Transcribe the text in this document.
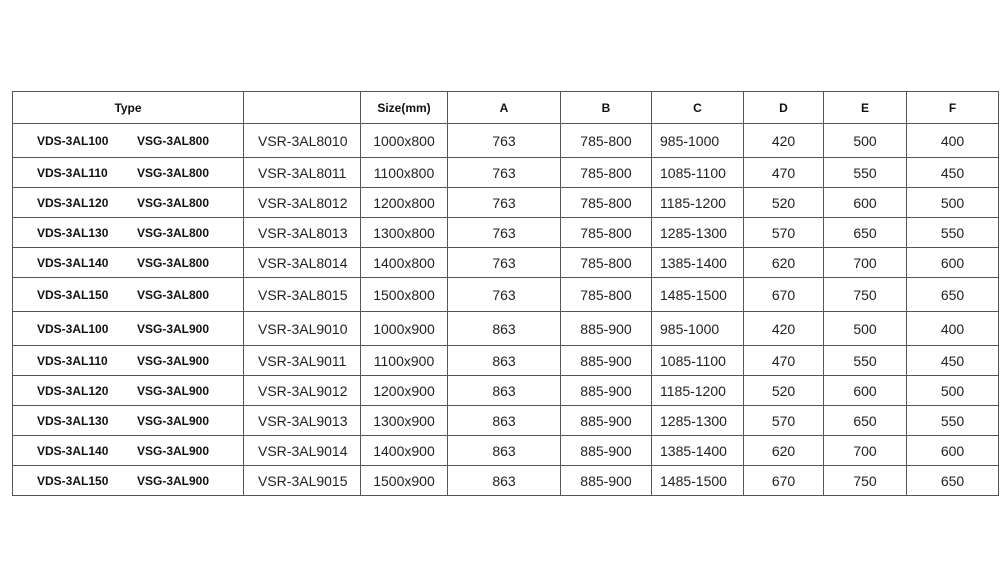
Type		Size(mm)	A	B	C	D	E	F
VDS-3AL100 VSG-3AL800	VSR-3AL8010	1000x800	763	785-800	985-1000	420	500	400
VDS-3AL110 VSG-3AL800	VSR-3AL8011	1100x800	763	785-800	1085-1100	470	550	450
VDS-3AL120 VSG-3AL800	VSR-3AL8012	1200x800	763	785-800	1185-1200	520	600	500
VDS-3AL130 VSG-3AL800	VSR-3AL8013	1300x800	763	785-800	1285-1300	570	650	550
VDS-3AL140 VSG-3AL800	VSR-3AL8014	1400x800	763	785-800	1385-1400	620	700	600
VDS-3AL150 VSG-3AL800	VSR-3AL8015	1500x800	763	785-800	1485-1500	670	750	650
VDS-3AL100 VSG-3AL900	VSR-3AL9010	1000x900	863	885-900	985-1000	420	500	400
VDS-3AL110 VSG-3AL900	VSR-3AL9011	1100x900	863	885-900	1085-1100	470	550	450
VDS-3AL120 VSG-3AL900	VSR-3AL9012	1200x900	863	885-900	1185-1200	520	600	500
VDS-3AL130 VSG-3AL900	VSR-3AL9013	1300x900	863	885-900	1285-1300	570	650	550
VDS-3AL140 VSG-3AL900	VSR-3AL9014	1400x900	863	885-900	1385-1400	620	700	600
VDS-3AL150 VSG-3AL900	VSR-3AL9015	1500x900	863	885-900	1485-1500	670	750	650
